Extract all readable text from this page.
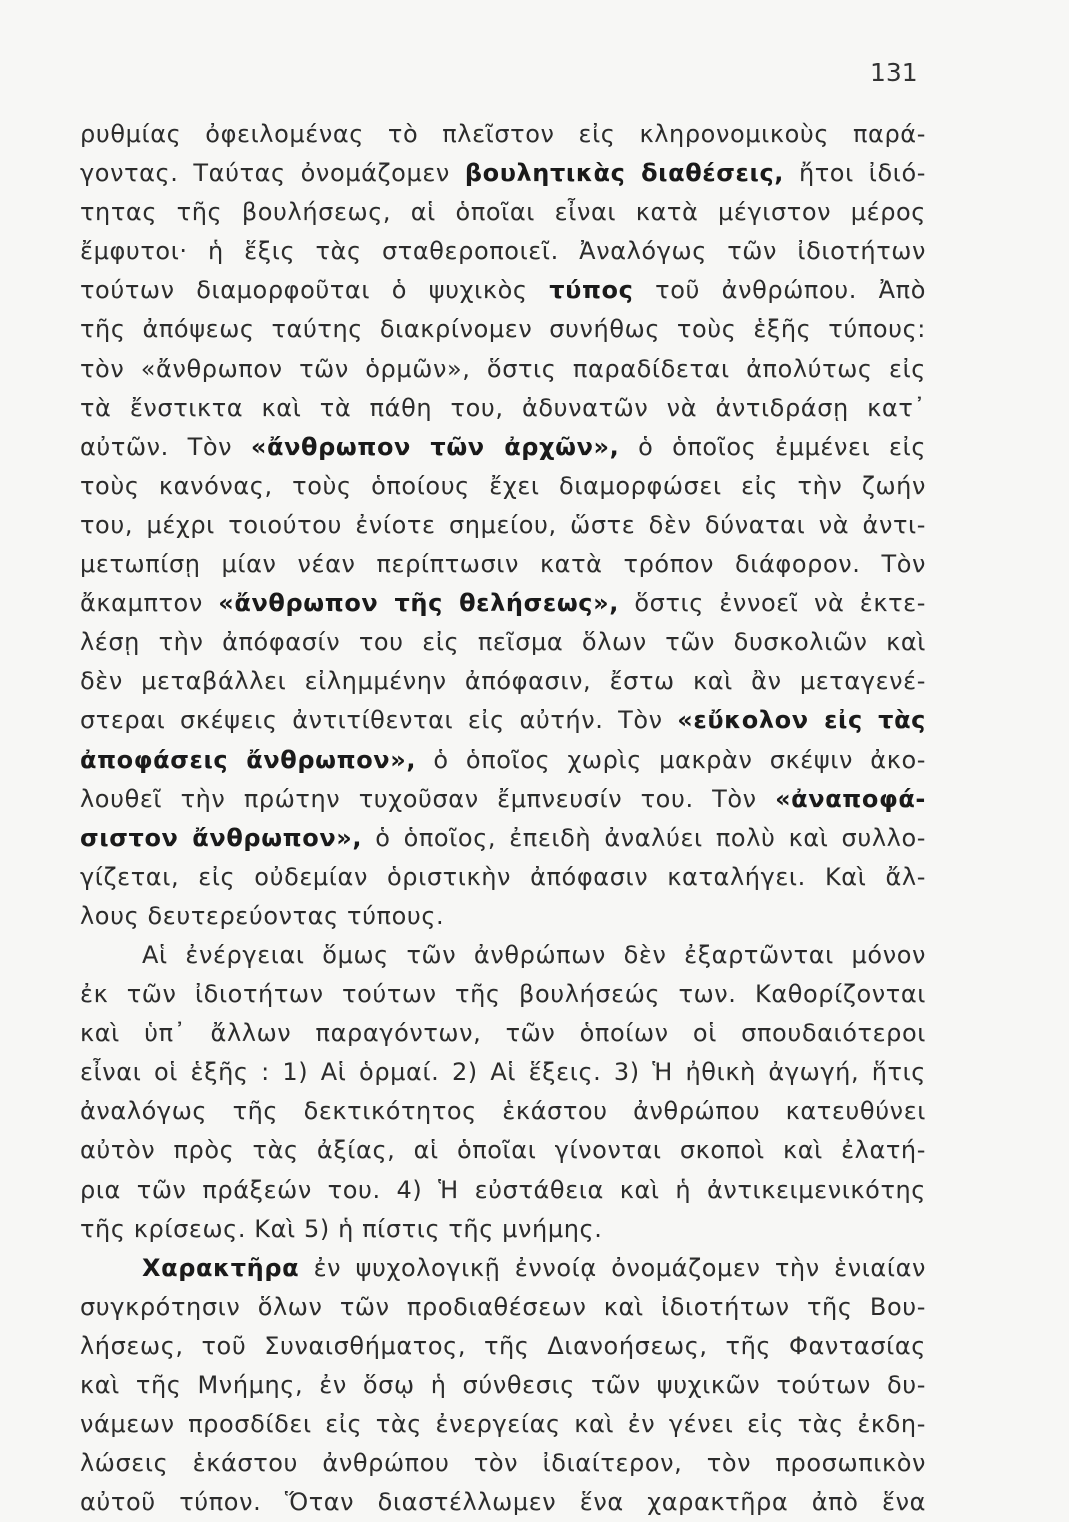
131
ρυθμίας ὀφειλομένας τὸ πλεῖστον εἰς κληρονομικοὺς παρά-
γοντας. Ταύτας ὀνομάζομεν βουλητικὰς διαθέσεις, ἤτοι ἰδιό-
τητας τῆς βουλήσεως, αἱ ὁποῖαι εἶναι κατὰ μέγιστον μέρος
ἔμφυτοι· ἡ ἕξις τὰς σταθεροποιεῖ. Ἀναλόγως τῶν ἰδιοτήτων
τούτων διαμορφοῦται ὁ ψυχικὸς τύπος τοῦ ἀνθρώπου. Ἀπὸ
τῆς ἀπόψεως ταύτης διακρίνομεν συνήθως τοὺς ἑξῆς τύπους:
τὸν «ἄνθρωπον τῶν ὁρμῶν», ὅστις παραδίδεται ἀπολύτως εἰς
τὰ ἔνστικτα καὶ τὰ πάθη του, ἀδυνατῶν νὰ ἀντιδράσῃ κατ᾽
αὐτῶν. Τὸν «ἄνθρωπον τῶν ἀρχῶν», ὁ ὁποῖος ἐμμένει εἰς
τοὺς κανόνας, τοὺς ὁποίους ἔχει διαμορφώσει εἰς τὴν ζωήν
του, μέχρι τοιούτου ἐνίοτε σημείου, ὥστε δὲν δύναται νὰ ἀντι-
μετωπίσῃ μίαν νέαν περίπτωσιν κατὰ τρόπον διάφορον. Τὸν
ἄκαμπτον «ἄνθρωπον τῆς θελήσεως», ὅστις ἐννοεῖ νὰ ἐκτε-
λέσῃ τὴν ἀπόφασίν του εἰς πεῖσμα ὅλων τῶν δυσκολιῶν καὶ
δὲν μεταβάλλει εἰλημμένην ἀπόφασιν, ἔστω καὶ ἂν μεταγενέ-
στεραι σκέψεις ἀντιτίθενται εἰς αὐτήν. Τὸν «εὔκολον εἰς τὰς
ἀποφάσεις ἄνθρωπον», ὁ ὁποῖος χωρὶς μακρὰν σκέψιν ἀκο-
λουθεῖ τὴν πρώτην τυχοῦσαν ἔμπνευσίν του. Τὸν «ἀναποφά-
σιστον ἄνθρωπον», ὁ ὁποῖος, ἐπειδὴ ἀναλύει πολὺ καὶ συλλο-
γίζεται, εἰς οὐδεμίαν ὁριστικὴν ἀπόφασιν καταλήγει. Καὶ ἄλ-
λους δευτερεύοντας τύπους.
Αἱ ἐνέργειαι ὅμως τῶν ἀνθρώπων δὲν ἐξαρτῶνται μόνον
ἐκ τῶν ἰδιοτήτων τούτων τῆς βουλήσεώς των. Καθορίζονται
καὶ ὑπ᾽ ἄλλων παραγόντων, τῶν ὁποίων οἱ σπουδαιότεροι
εἶναι οἱ ἑξῆς : 1) Αἱ ὁρμαί. 2) Αἱ ἕξεις. 3) Ἡ ἠθικὴ ἀγωγή, ἥτις
ἀναλόγως τῆς δεκτικότητος ἑκάστου ἀνθρώπου κατευθύνει
αὐτὸν πρὸς τὰς ἀξίας, αἱ ὁποῖαι γίνονται σκοποὶ καὶ ἐλατή-
ρια τῶν πράξεών του. 4) Ἡ εὐστάθεια καὶ ἡ ἀντικειμενικότης
τῆς κρίσεως. Καὶ 5) ἡ πίστις τῆς μνήμης.
Χαρακτῆρα ἐν ψυχολογικῇ ἐννοίᾳ ὀνομάζομεν τὴν ἑνιαίαν
συγκρότησιν ὅλων τῶν προδιαθέσεων καὶ ἰδιοτήτων τῆς Βου-
λήσεως, τοῦ Συναισθήματος, τῆς Διανοήσεως, τῆς Φαντασίας
καὶ τῆς Μνήμης, ἐν ὅσῳ ἡ σύνθεσις τῶν ψυχικῶν τούτων δυ-
νάμεων προσδίδει εἰς τὰς ἐνεργείας καὶ ἐν γένει εἰς τὰς ἐκδη-
λώσεις ἑκάστου ἀνθρώπου τὸν ἰδιαίτερον, τὸν προσωπικὸν
αὐτοῦ τύπον. Ὅταν διαστέλλωμεν ἕνα χαρακτῆρα ἀπὸ ἕνα
